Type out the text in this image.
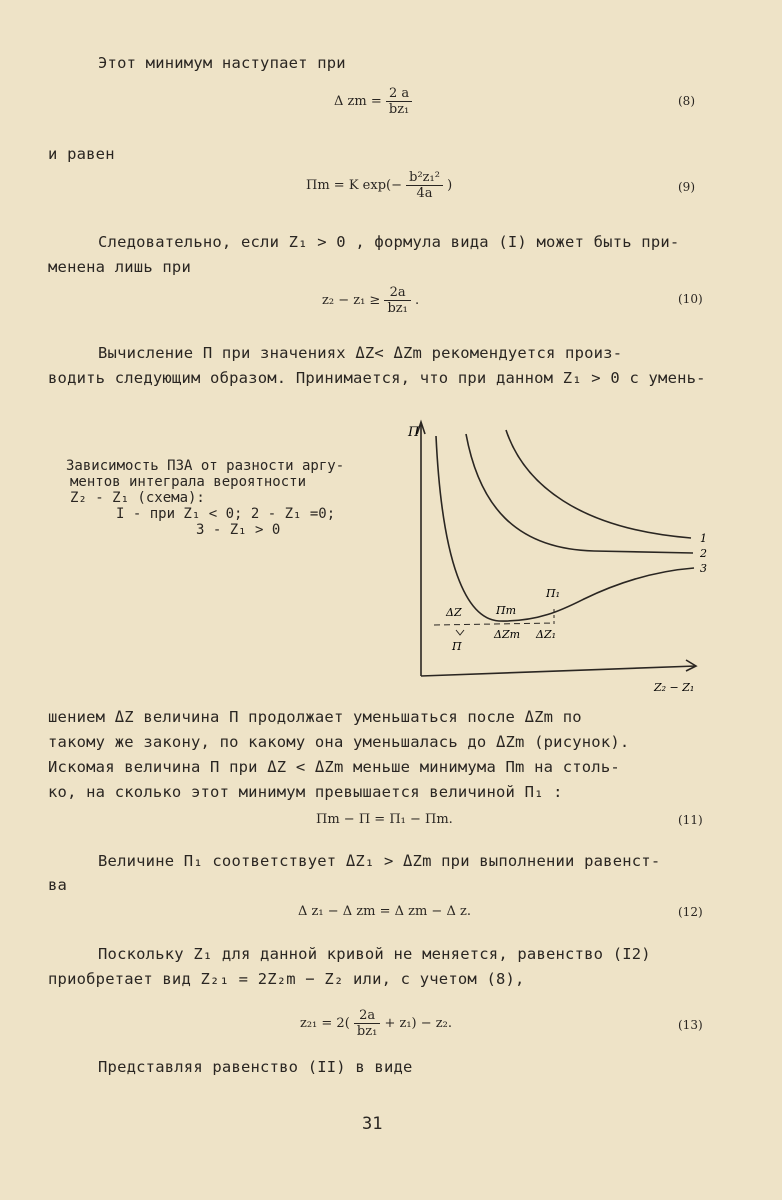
Этот минимум наступает при
Δ zm = $\frac{2 a}{\text{bz₁}}$	(8)
и равен
Пm = K $\exp(- \frac{\text{b²z₁²}}{4a}$ )	(9)
Следовательно, если Z₁ > 0 , формула вида (I) может быть при-
менена лишь при
$z_2 - z_1 \ge \frac{2a}{\text{bz₁}}$ .	(10)
Вычисление П при значениях ΔZ< ΔZm рекомендуется произ-
водить следующим образом. Принимается, что при данном Z₁ > 0 с умень-
Зависимость ПЗА от разности аргу-
ментов интеграла вероятности
Z₂ - Z₁ (схема):
I - при Z₁ < 0; 2 - Z₁ =0;
3 - Z₁ > 0
П
Z₂ − Z₁
1
2
3
ΔZ	Пm
П₁
ΔZm ΔZ₁
П
шением ΔZ величина П продолжает уменьшаться после ΔZm по
такому же закону, по какому она уменьшалась до ΔZm (рисунок).
Искомая величина П при ΔZ < ΔZm меньше минимума Пm на столь-
ко, на сколько этот минимум превышается величиной П₁ :
Пm − П = П₁ − Пm.	(11)
Величине П₁ соответствует ΔZ₁ > ΔZm при выполнении равенст-
ва
Δ z₁ − Δ zm = Δ zm − Δ z.	(12)
Поскольку Z₁ для данной кривой не меняется, равенство (I2)
приобретает вид Z₂₁ = 2Z₂m − Z₂ или, с учетом (8),
$z_{21} = 2( \frac{2a}{\text{bz₁}} + z_1) - z_2$.	(13)
Представляя равенство (II) в виде
31
